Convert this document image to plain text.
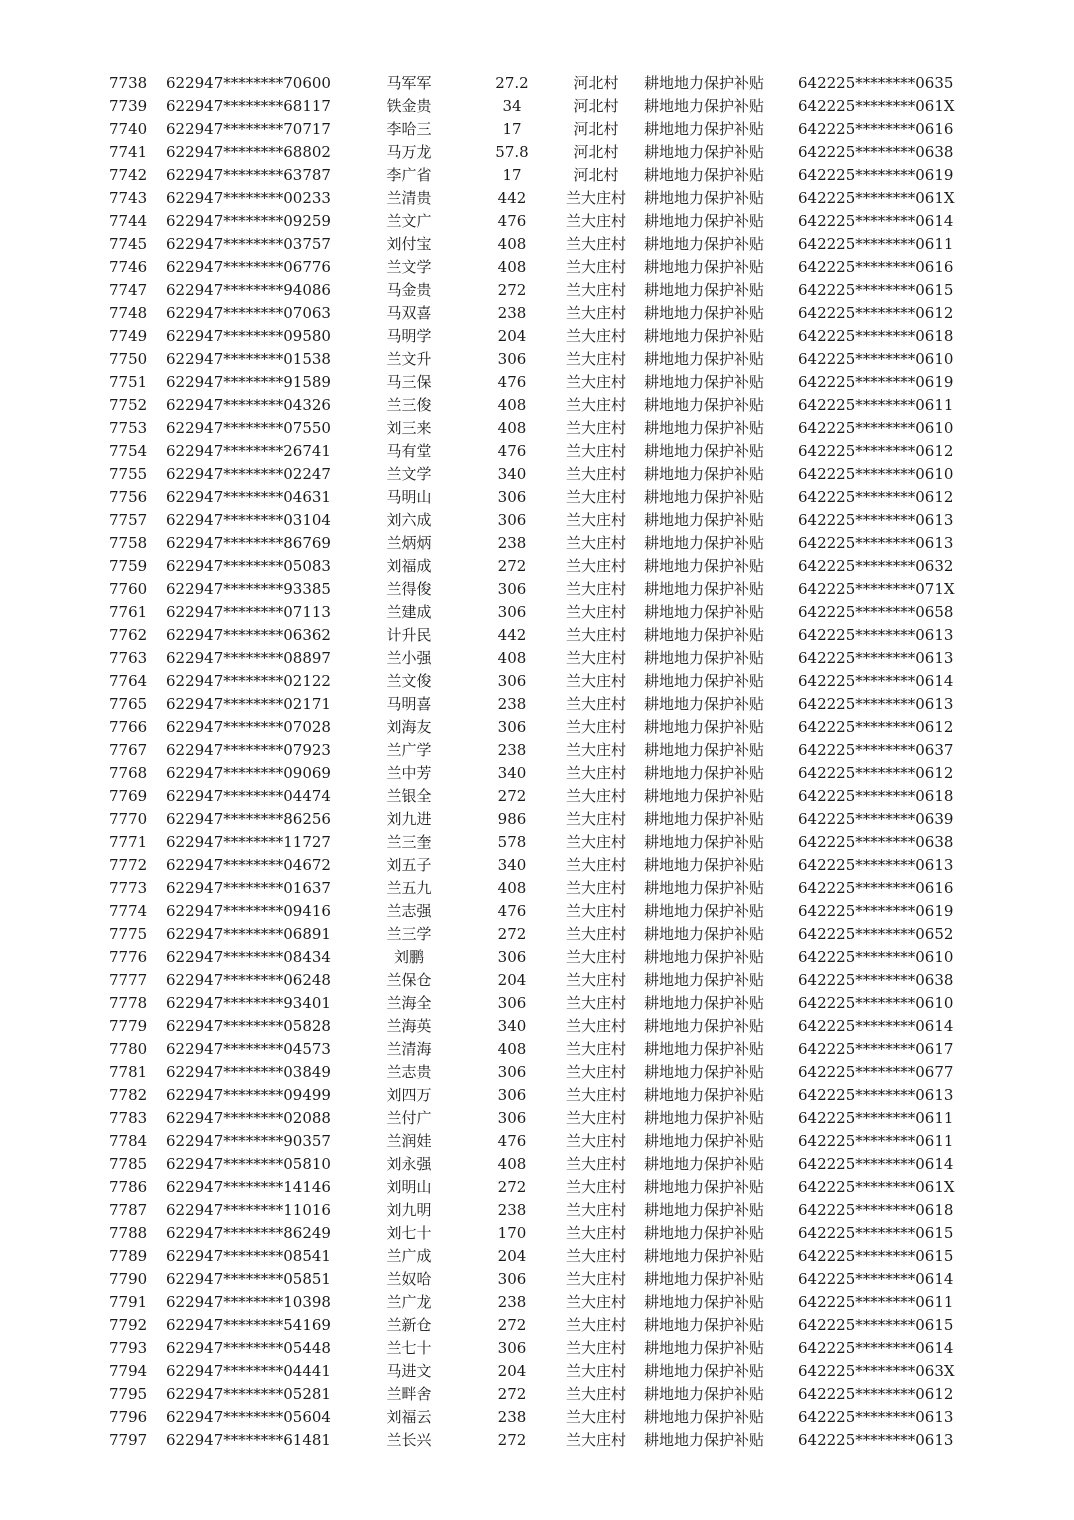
7738 622947********70600	马军军	27.2	河北村	耕地地力保护补贴 642225********0635
7739 622947********68117	铁金贵	34	河北村	耕地地力保护补贴 642225********061X
7740 622947********70717	李哈三	17	河北村	耕地地力保护补贴 642225********0616
7741 622947********68802	马万龙	57.8	河北村	耕地地力保护补贴 642225********0638
7742 622947********63787	李广省	17	河北村	耕地地力保护补贴 642225********0619
7743 622947********00233	兰清贵	442	兰大庄村	耕地地力保护补贴 642225********061X
7744 622947********09259	兰文广	476	兰大庄村	耕地地力保护补贴 642225********0614
7745 622947********03757	刘付宝	408	兰大庄村	耕地地力保护补贴 642225********0611
7746 622947********06776	兰文学	408	兰大庄村	耕地地力保护补贴 642225********0616
7747 622947********94086	马金贵	272	兰大庄村	耕地地力保护补贴 642225********0615
7748 622947********07063	马双喜	238	兰大庄村	耕地地力保护补贴 642225********0612
7749 622947********09580	马明学	204	兰大庄村	耕地地力保护补贴 642225********0618
7750 622947********01538	兰文升	306	兰大庄村	耕地地力保护补贴 642225********0610
7751 622947********91589	马三保	476	兰大庄村	耕地地力保护补贴 642225********0619
7752 622947********04326	兰三俊	408	兰大庄村	耕地地力保护补贴 642225********0611
7753 622947********07550	刘三来	408	兰大庄村	耕地地力保护补贴 642225********0610
7754 622947********26741	马有堂	476	兰大庄村	耕地地力保护补贴 642225********0612
7755 622947********02247	兰文学	340	兰大庄村	耕地地力保护补贴 642225********0610
7756 622947********04631	马明山	306	兰大庄村	耕地地力保护补贴 642225********0612
7757 622947********03104	刘六成	306	兰大庄村	耕地地力保护补贴 642225********0613
7758 622947********86769	兰炳炳	238	兰大庄村	耕地地力保护补贴 642225********0613
7759 622947********05083	刘福成	272	兰大庄村	耕地地力保护补贴 642225********0632
7760 622947********93385	兰得俊	306	兰大庄村	耕地地力保护补贴 642225********071X
7761 622947********07113	兰建成	306	兰大庄村	耕地地力保护补贴 642225********0658
7762 622947********06362	计升民	442	兰大庄村	耕地地力保护补贴 642225********0613
7763 622947********08897	兰小强	408	兰大庄村	耕地地力保护补贴 642225********0613
7764 622947********02122	兰文俊	306	兰大庄村	耕地地力保护补贴 642225********0614
7765 622947********02171	马明喜	238	兰大庄村	耕地地力保护补贴 642225********0613
7766 622947********07028	刘海友	306	兰大庄村	耕地地力保护补贴 642225********0612
7767 622947********07923	兰广学	238	兰大庄村	耕地地力保护补贴 642225********0637
7768 622947********09069	兰中芳	340	兰大庄村	耕地地力保护补贴 642225********0612
7769 622947********04474	兰银全	272	兰大庄村	耕地地力保护补贴 642225********0618
7770 622947********86256	刘九进	986	兰大庄村	耕地地力保护补贴 642225********0639
7771 622947********11727	兰三奎	578	兰大庄村	耕地地力保护补贴 642225********0638
7772 622947********04672	刘五子	340	兰大庄村	耕地地力保护补贴 642225********0613
7773 622947********01637	兰五九	408	兰大庄村	耕地地力保护补贴 642225********0616
7774 622947********09416	兰志强	476	兰大庄村	耕地地力保护补贴 642225********0619
7775 622947********06891	兰三学	272	兰大庄村	耕地地力保护补贴 642225********0652
7776 622947********08434	刘鹏	306	兰大庄村	耕地地力保护补贴 642225********0610
7777 622947********06248	兰保仓	204	兰大庄村	耕地地力保护补贴 642225********0638
7778 622947********93401	兰海全	306	兰大庄村	耕地地力保护补贴 642225********0610
7779 622947********05828	兰海英	340	兰大庄村	耕地地力保护补贴 642225********0614
7780 622947********04573	兰清海	408	兰大庄村	耕地地力保护补贴 642225********0617
7781 622947********03849	兰志贵	306	兰大庄村	耕地地力保护补贴 642225********0677
7782 622947********09499	刘四万	306	兰大庄村	耕地地力保护补贴 642225********0613
7783 622947********02088	兰付广	306	兰大庄村	耕地地力保护补贴 642225********0611
7784 622947********90357	兰润娃	476	兰大庄村	耕地地力保护补贴 642225********0611
7785 622947********05810	刘永强	408	兰大庄村	耕地地力保护补贴 642225********0614
7786 622947********14146	刘明山	272	兰大庄村	耕地地力保护补贴 642225********061X
7787 622947********11016	刘九明	238	兰大庄村	耕地地力保护补贴 642225********0618
7788 622947********86249	刘七十	170	兰大庄村	耕地地力保护补贴 642225********0615
7789 622947********08541	兰广成	204	兰大庄村	耕地地力保护补贴 642225********0615
7790 622947********05851	兰奴哈	306	兰大庄村	耕地地力保护补贴 642225********0614
7791 622947********10398	兰广龙	238	兰大庄村	耕地地力保护补贴 642225********0611
7792 622947********54169	兰新仓	272	兰大庄村	耕地地力保护补贴 642225********0615
7793 622947********05448	兰七十	306	兰大庄村	耕地地力保护补贴 642225********0614
7794 622947********04441	马进文	204	兰大庄村	耕地地力保护补贴 642225********063X
7795 622947********05281	兰畔舍	272	兰大庄村	耕地地力保护补贴 642225********0612
7796 622947********05604	刘福云	238	兰大庄村	耕地地力保护补贴 642225********0613
7797 622947********61481	兰长兴	272	兰大庄村	耕地地力保护补贴 642225********0613
